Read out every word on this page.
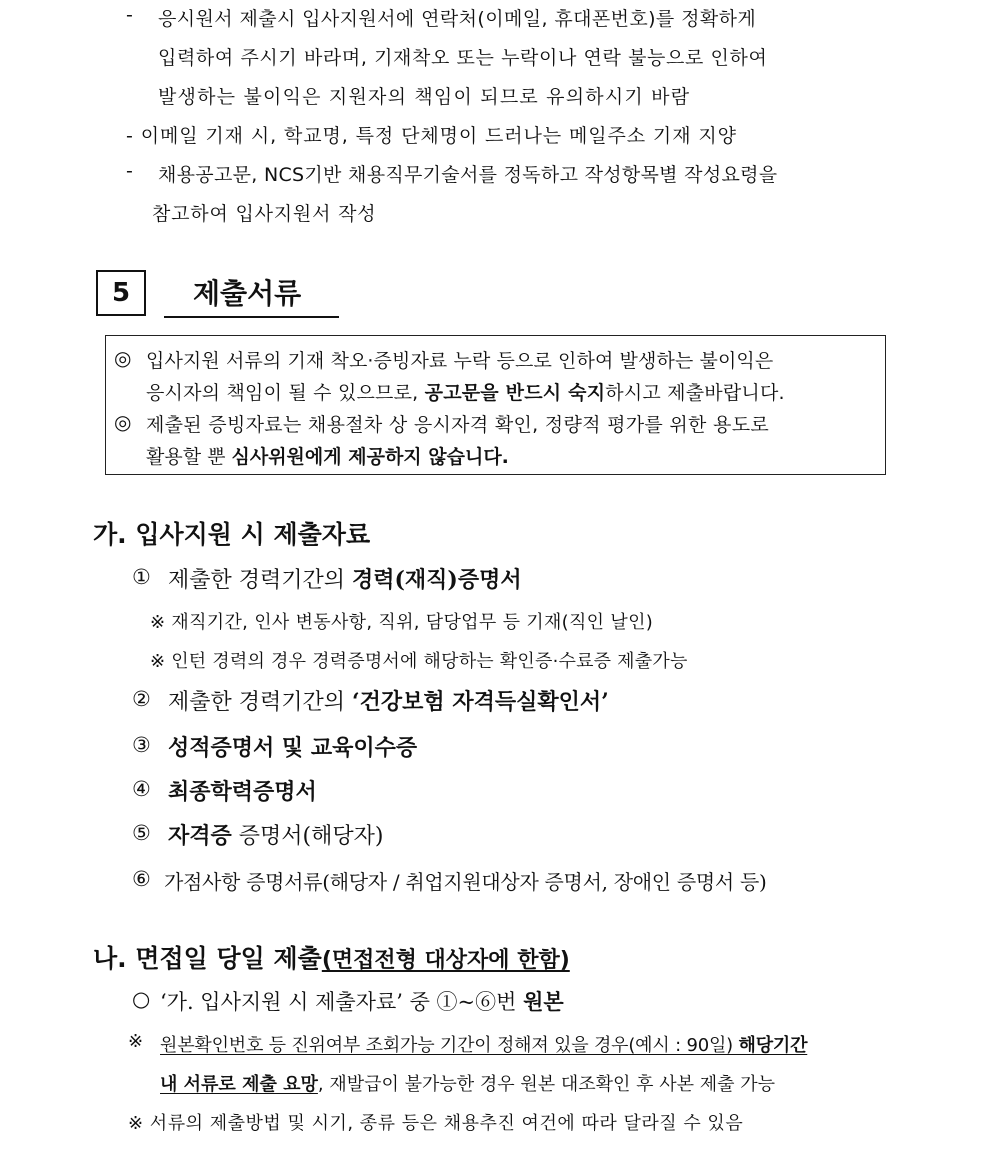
- 응시원서 제출시 입사지원서에 연락처(이메일, 휴대폰번호)를 정확하게
입력하여 주시기 바라며, 기재착오 또는 누락이나 연락 불능으로 인하여
발생하는 불이익은 지원자의 책임이 되므로 유의하시기 바람
- 이메일 기재 시, 학교명, 특정 단체명이 드러나는 메일주소 기재 지양
- 채용공고문, NCS기반 채용직무기술서를 정독하고 작성항목별 작성요령을
참고하여 입사지원서 작성
5	제출서류
◎ 입사지원 서류의 기재 착오·증빙자료 누락 등으로 인하여 발생하는 불이익은
응시자의 책임이 될 수 있으므로, 공고문을 반드시 숙지하시고 제출바랍니다.
◎ 제출된 증빙자료는 채용절차 상 응시자격 확인, 정량적 평가를 위한 용도로
활용할 뿐 심사위원에게 제공하지 않습니다.
가. 입사지원 시 제출자료
① 제출한 경력기간의 경력(재직)증명서
※ 재직기간, 인사 변동사항, 직위, 담당업무 등 기재(직인 날인)
※ 인턴 경력의 경우 경력증명서에 해당하는 확인증·수료증 제출가능
② 제출한 경력기간의 ‘건강보험 자격득실확인서’
③ 성적증명서 및 교육이수증
④ 최종학력증명서
⑤ 자격증 증명서(해당자)
⑥ 가점사항 증명서류(해당자 / 취업지원대상자 증명서, 장애인 증명서 등)
나. 면접일 당일 제출(면접전형 대상자에 한함)
○ ‘가. 입사지원 시 제출자료’ 중 ①~⑥번 원본
※ 원본확인번호 등 진위여부 조회가능 기간이 정해져 있을 경우(예시 : 90일) 해당기간
내 서류로 제출 요망, 재발급이 불가능한 경우 원본 대조확인 후 사본 제출 가능
※ 서류의 제출방법 및 시기, 종류 등은 채용추진 여건에 따라 달라질 수 있음
